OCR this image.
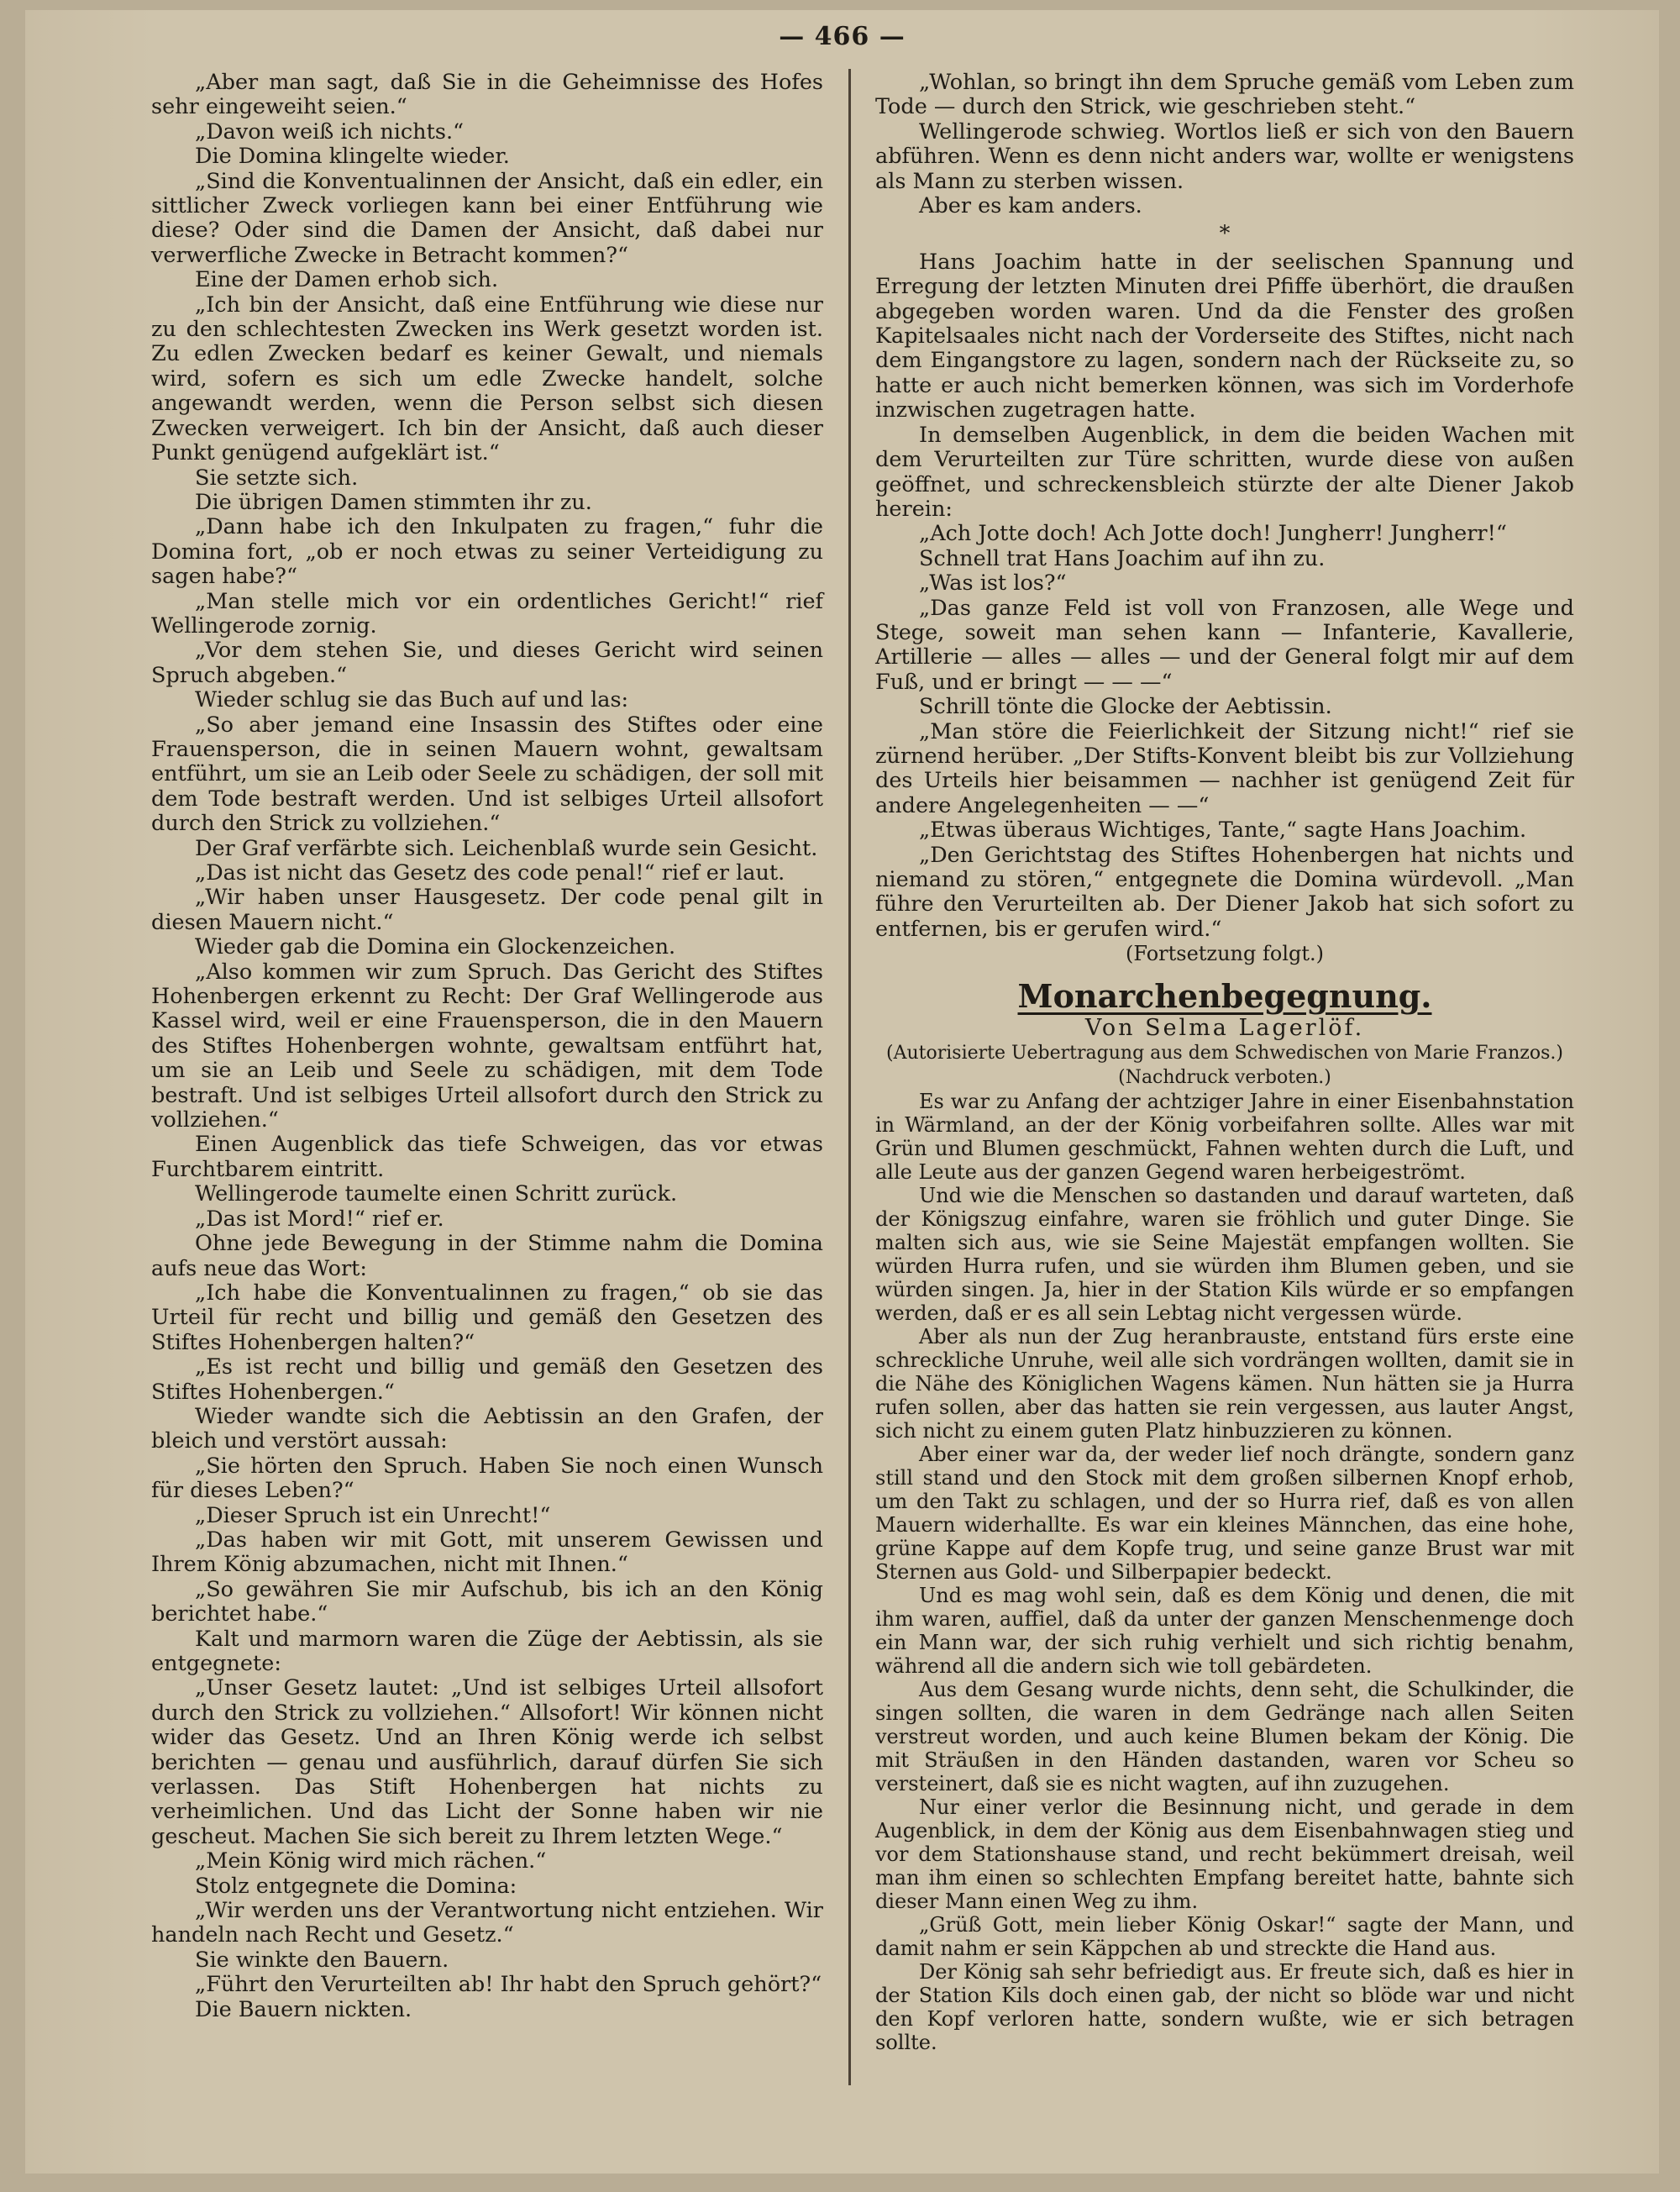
— 466 —

„Aber man sagt, daß Sie in die Geheimnisse des Hofes sehr eingeweiht seien.“

„Davon weiß ich nichts.“

Die Domina klingelte wieder.

„Sind die Konventualinnen der Ansicht, daß ein edler, ein sittlicher Zweck vorliegen kann bei einer Entführung wie diese? Oder sind die Damen der Ansicht, daß dabei nur verwerfliche Zwecke in Betracht kommen?“

Eine der Damen erhob sich.

„Ich bin der Ansicht, daß eine Entführung wie diese nur zu den schlechtesten Zwecken ins Werk gesetzt worden ist. Zu edlen Zwecken bedarf es keiner Gewalt, und niemals wird, sofern es sich um edle Zwecke handelt, solche angewandt werden, wenn die Person selbst sich diesen Zwecken verweigert. Ich bin der Ansicht, daß auch dieser Punkt genügend aufgeklärt ist.“

Sie setzte sich.

Die übrigen Damen stimmten ihr zu.

„Dann habe ich den Inkulpaten zu fragen,“ fuhr die Domina fort, „ob er noch etwas zu seiner Verteidigung zu sagen habe?“

„Man stelle mich vor ein ordentliches Gericht!“ rief Wellingerode zornig.

„Vor dem stehen Sie, und dieses Gericht wird seinen Spruch abgeben.“

Wieder schlug sie das Buch auf und las:

„So aber jemand eine Insassin des Stiftes oder eine Frauensperson, die in seinen Mauern wohnt, gewaltsam entführt, um sie an Leib oder Seele zu schädigen, der soll mit dem Tode bestraft werden. Und ist selbiges Urteil allsofort durch den Strick zu vollziehen.“

Der Graf verfärbte sich. Leichenblaß wurde sein Gesicht.

„Das ist nicht das Gesetz des code penal!“ rief er laut.

„Wir haben unser Hausgesetz. Der code penal gilt in diesen Mauern nicht.“

Wieder gab die Domina ein Glockenzeichen.

„Also kommen wir zum Spruch. Das Gericht des Stiftes Hohenbergen erkennt zu Recht: Der Graf Wellingerode aus Kassel wird, weil er eine Frauensperson, die in den Mauern des Stiftes Hohenbergen wohnte, gewaltsam entführt hat, um sie an Leib und Seele zu schädigen, mit dem Tode bestraft. Und ist selbiges Urteil allsofort durch den Strick zu vollziehen.“

Einen Augenblick das tiefe Schweigen, das vor etwas Furchtbarem eintritt.

Wellingerode taumelte einen Schritt zurück.

„Das ist Mord!“ rief er.

Ohne jede Bewegung in der Stimme nahm die Domina aufs neue das Wort:

„Ich habe die Konventualinnen zu fragen,“ ob sie das Urteil für recht und billig und gemäß den Gesetzen des Stiftes Hohenbergen halten?“

„Es ist recht und billig und gemäß den Gesetzen des Stiftes Hohenbergen.“

Wieder wandte sich die Aebtissin an den Grafen, der bleich und verstört aussah:

„Sie hörten den Spruch. Haben Sie noch einen Wunsch für dieses Leben?“

„Dieser Spruch ist ein Unrecht!“

„Das haben wir mit Gott, mit unserem Gewissen und Ihrem König abzumachen, nicht mit Ihnen.“

„So gewähren Sie mir Aufschub, bis ich an den König berichtet habe.“

Kalt und marmorn waren die Züge der Aebtissin, als sie entgegnete:

„Unser Gesetz lautet: „Und ist selbiges Urteil allsofort durch den Strick zu vollziehen.“ Allsofort! Wir können nicht wider das Gesetz. Und an Ihren König werde ich selbst berichten — genau und ausführlich, darauf dürfen Sie sich verlassen. Das Stift Hohenbergen hat nichts zu verheimlichen. Und das Licht der Sonne haben wir nie gescheut. Machen Sie sich bereit zu Ihrem letzten Wege.“

„Mein König wird mich rächen.“

Stolz entgegnete die Domina:

„Wir werden uns der Verantwortung nicht entziehen. Wir handeln nach Recht und Gesetz.“

Sie winkte den Bauern.

„Führt den Verurteilten ab! Ihr habt den Spruch gehört?“

Die Bauern nickten.

„Wohlan, so bringt ihn dem Spruche gemäß vom Leben zum Tode — durch den Strick, wie geschrieben steht.“

Wellingerode schwieg. Wortlos ließ er sich von den Bauern abführen. Wenn es denn nicht anders war, wollte er wenigstens als Mann zu sterben wissen.

Aber es kam anders.

*

Hans Joachim hatte in der seelischen Spannung und Erregung der letzten Minuten drei Pfiffe überhört, die draußen abgegeben worden waren. Und da die Fenster des großen Kapitelsaales nicht nach der Vorderseite des Stiftes, nicht nach dem Eingangstore zu lagen, sondern nach der Rückseite zu, so hatte er auch nicht bemerken können, was sich im Vorderhofe inzwischen zugetragen hatte.

In demselben Augenblick, in dem die beiden Wachen mit dem Verurteilten zur Türe schritten, wurde diese von außen geöffnet, und schreckensbleich stürzte der alte Diener Jakob herein:

„Ach Jotte doch! Ach Jotte doch! Jungherr! Jungherr!“

Schnell trat Hans Joachim auf ihn zu.

„Was ist los?“

„Das ganze Feld ist voll von Franzosen, alle Wege und Stege, soweit man sehen kann — Infanterie, Kavallerie, Artillerie — alles — alles — und der General folgt mir auf dem Fuß, und er bringt — — —“

Schrill tönte die Glocke der Aebtissin.

„Man störe die Feierlichkeit der Sitzung nicht!“ rief sie zürnend herüber. „Der Stifts-Konvent bleibt bis zur Vollziehung des Urteils hier beisammen — nachher ist genügend Zeit für andere Angelegenheiten — —“

„Etwas überaus Wichtiges, Tante,“ sagte Hans Joachim.

„Den Gerichtstag des Stiftes Hohenbergen hat nichts und niemand zu stören,“ entgegnete die Domina würdevoll. „Man führe den Verurteilten ab. Der Diener Jakob hat sich sofort zu entfernen, bis er gerufen wird.“

(Fortsetzung folgt.)

Monarchenbegegnung.
Von Selma Lagerlöf.
(Autorisierte Uebertragung aus dem Schwedischen von Marie Franzos.)
(Nachdruck verboten.)

Es war zu Anfang der achtziger Jahre in einer Eisenbahnstation in Wärmland, an der der König vorbeifahren sollte. Alles war mit Grün und Blumen geschmückt, Fahnen wehten durch die Luft, und alle Leute aus der ganzen Gegend waren herbeigeströmt.

Und wie die Menschen so dastanden und darauf warteten, daß der Königszug einfahre, waren sie fröhlich und guter Dinge. Sie malten sich aus, wie sie Seine Majestät empfangen wollten. Sie würden Hurra rufen, und sie würden ihm Blumen geben, und sie würden singen. Ja, hier in der Station Kils würde er so empfangen werden, daß er es all sein Lebtag nicht vergessen würde.

Aber als nun der Zug heranbrauste, entstand fürs erste eine schreckliche Unruhe, weil alle sich vordrängen wollten, damit sie in die Nähe des Königlichen Wagens kämen. Nun hätten sie ja Hurra rufen sollen, aber das hatten sie rein vergessen, aus lauter Angst, sich nicht zu einem guten Platz hinbuzzieren zu können.

Aber einer war da, der weder lief noch drängte, sondern ganz still stand und den Stock mit dem großen silbernen Knopf erhob, um den Takt zu schlagen, und der so Hurra rief, daß es von allen Mauern widerhallte. Es war ein kleines Männchen, das eine hohe, grüne Kappe auf dem Kopfe trug, und seine ganze Brust war mit Sternen aus Gold- und Silberpapier bedeckt.

Und es mag wohl sein, daß es dem König und denen, die mit ihm waren, auffiel, daß da unter der ganzen Menschenmenge doch ein Mann war, der sich ruhig verhielt und sich richtig benahm, während all die andern sich wie toll gebärdeten.

Aus dem Gesang wurde nichts, denn seht, die Schulkinder, die singen sollten, die waren in dem Gedränge nach allen Seiten verstreut worden, und auch keine Blumen bekam der König. Die mit Sträußen in den Händen dastanden, waren vor Scheu so versteinert, daß sie es nicht wagten, auf ihn zuzugehen.

Nur einer verlor die Besinnung nicht, und gerade in dem Augenblick, in dem der König aus dem Eisenbahnwagen stieg und vor dem Stationshause stand, und recht bekümmert dreisah, weil man ihm einen so schlechten Empfang bereitet hatte, bahnte sich dieser Mann einen Weg zu ihm.

„Grüß Gott, mein lieber König Oskar!“ sagte der Mann, und damit nahm er sein Käppchen ab und streckte die Hand aus.

Der König sah sehr befriedigt aus. Er freute sich, daß es hier in der Station Kils doch einen gab, der nicht so blöde war und nicht den Kopf verloren hatte, sondern wußte, wie er sich betragen sollte.
